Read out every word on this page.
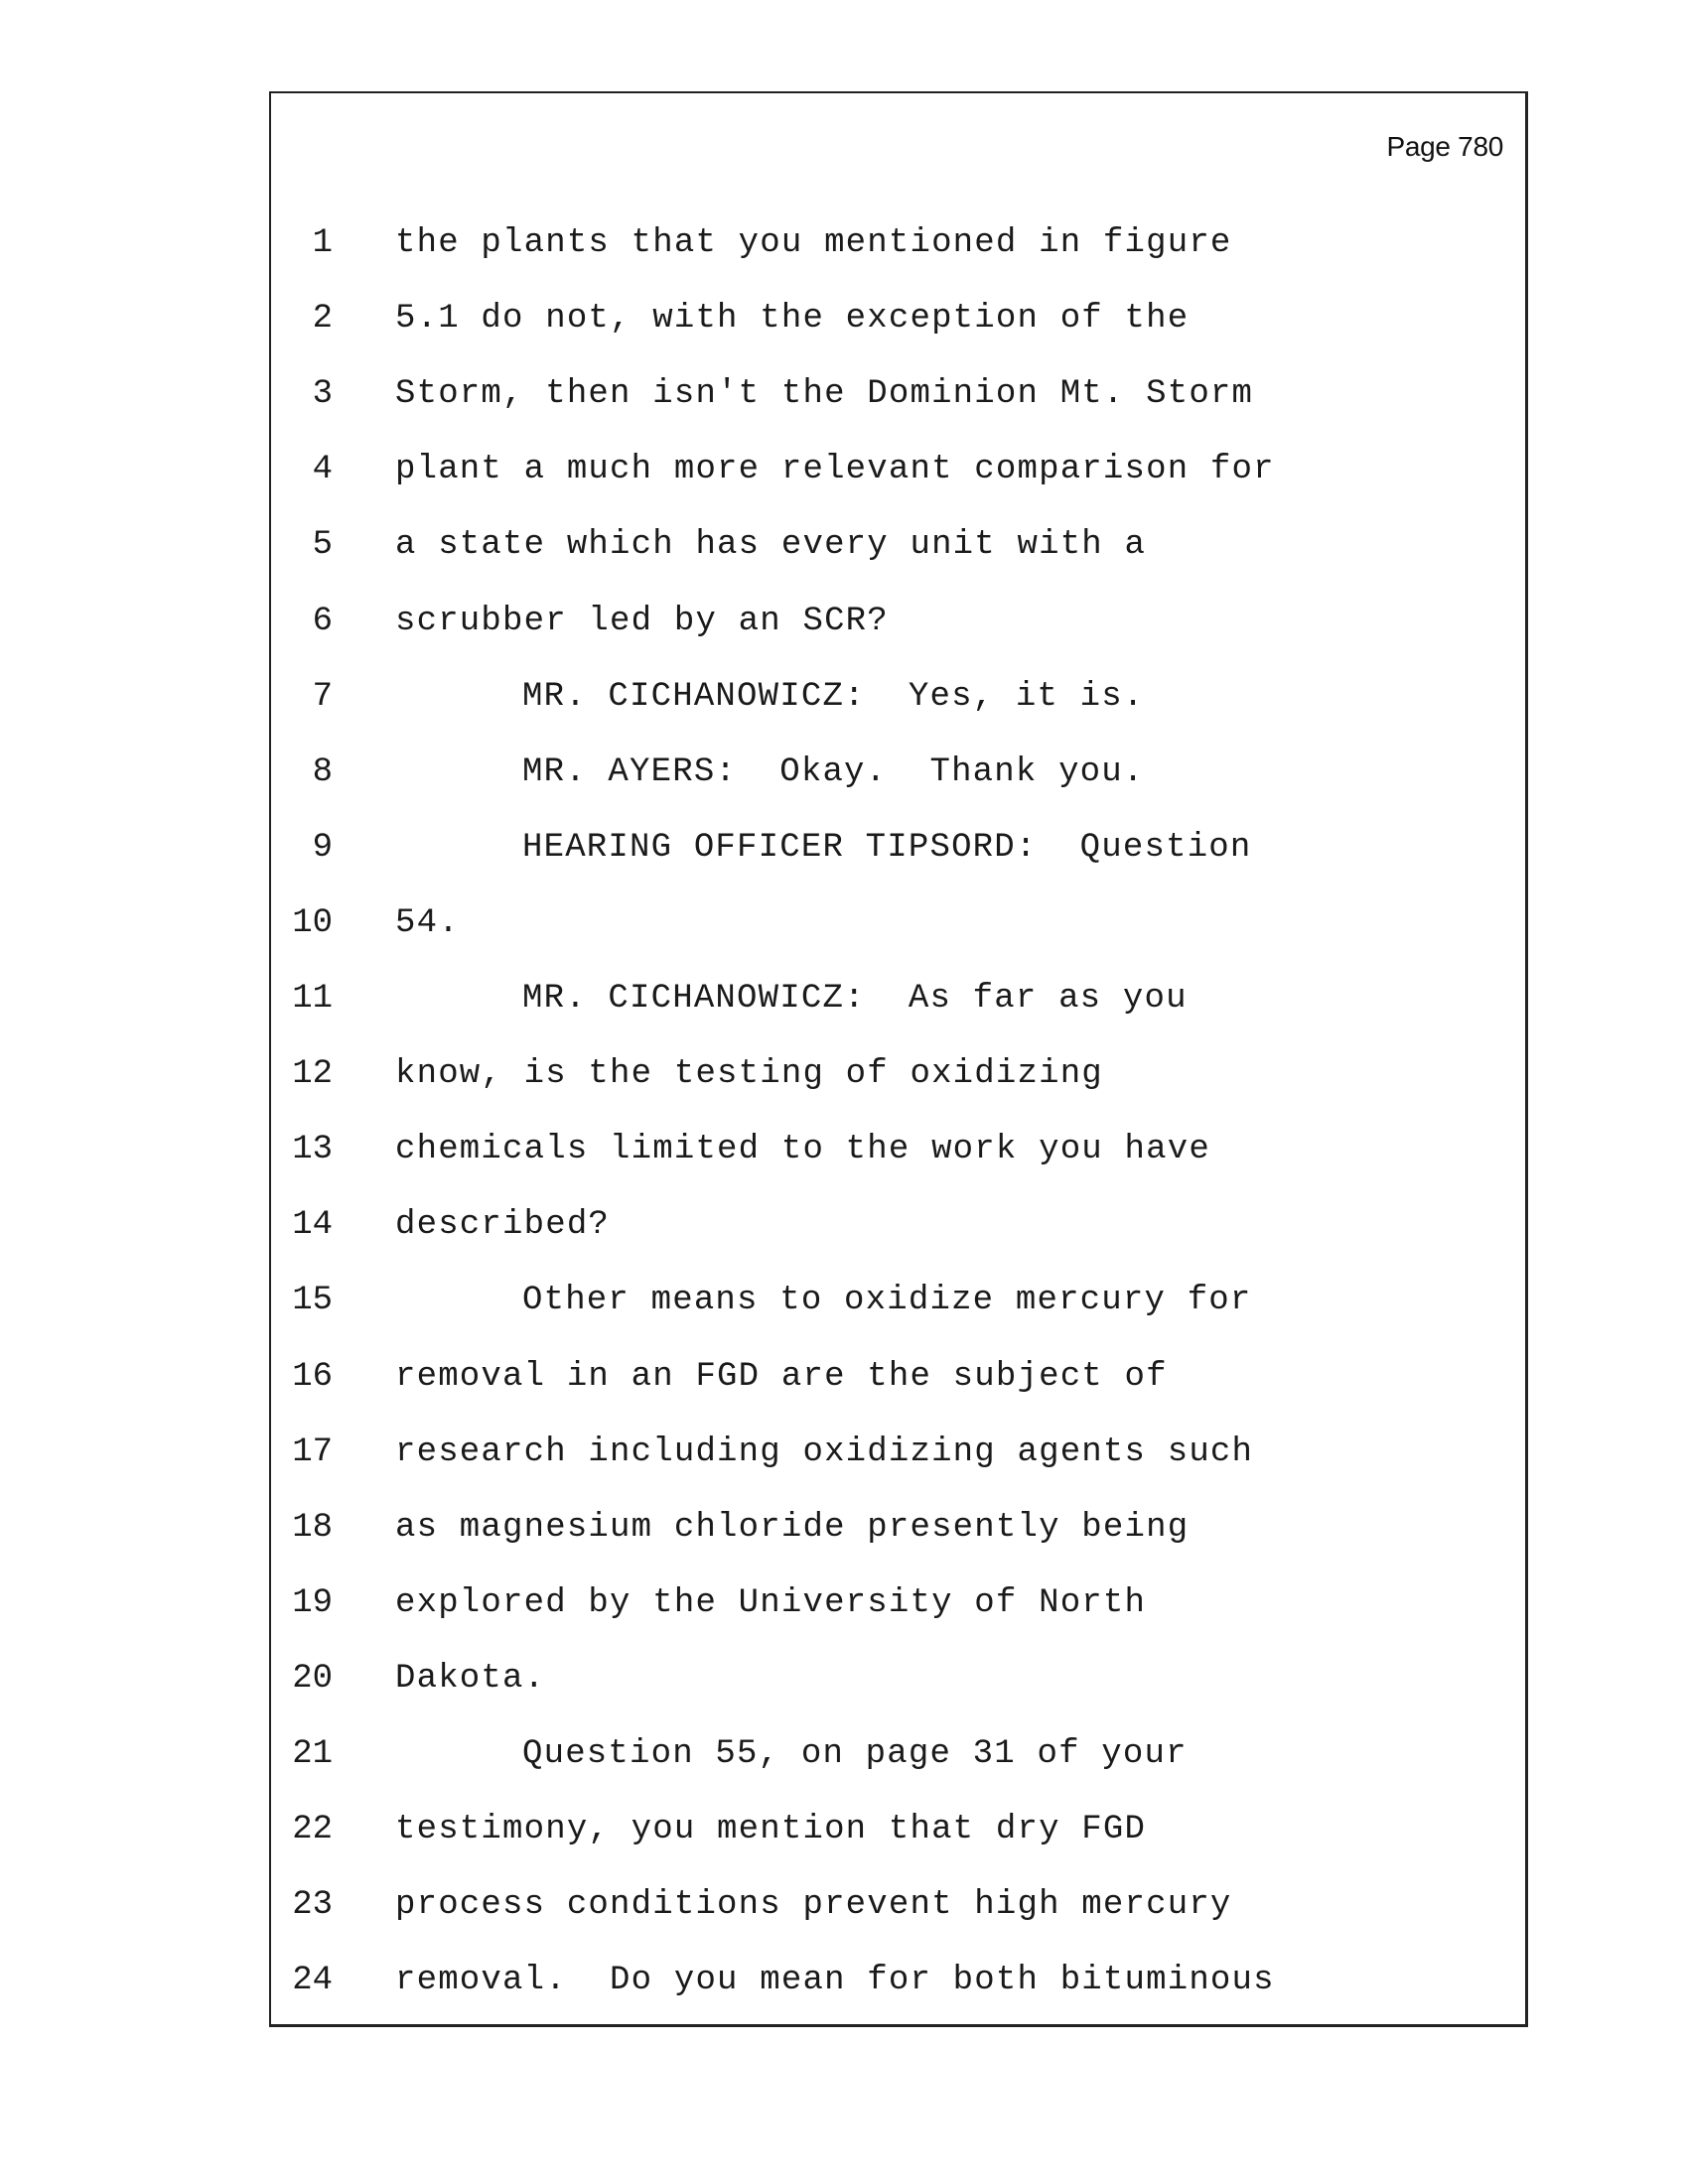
Page 780
1 the plants that you mentioned in figure
2 5.1 do not, with the exception of the
3 Storm, then isn't the Dominion Mt. Storm
4 plant a much more relevant comparison for
5 a state which has every unit with a
6 scrubber led by an SCR?
7	MR. CICHANOWICZ:  Yes, it is.
8	MR. AYERS:  Okay.  Thank you.
9	HEARING OFFICER TIPSORD:  Question
10 54.
11	MR. CICHANOWICZ:  As far as you
12 know, is the testing of oxidizing
13 chemicals limited to the work you have
14 described?
15	Other means to oxidize mercury for
16 removal in an FGD are the subject of
17 research including oxidizing agents such
18 as magnesium chloride presently being
19 explored by the University of North
20 Dakota.
21	Question 55, on page 31 of your
22 testimony, you mention that dry FGD
23 process conditions prevent high mercury
24 removal.  Do you mean for both bituminous
